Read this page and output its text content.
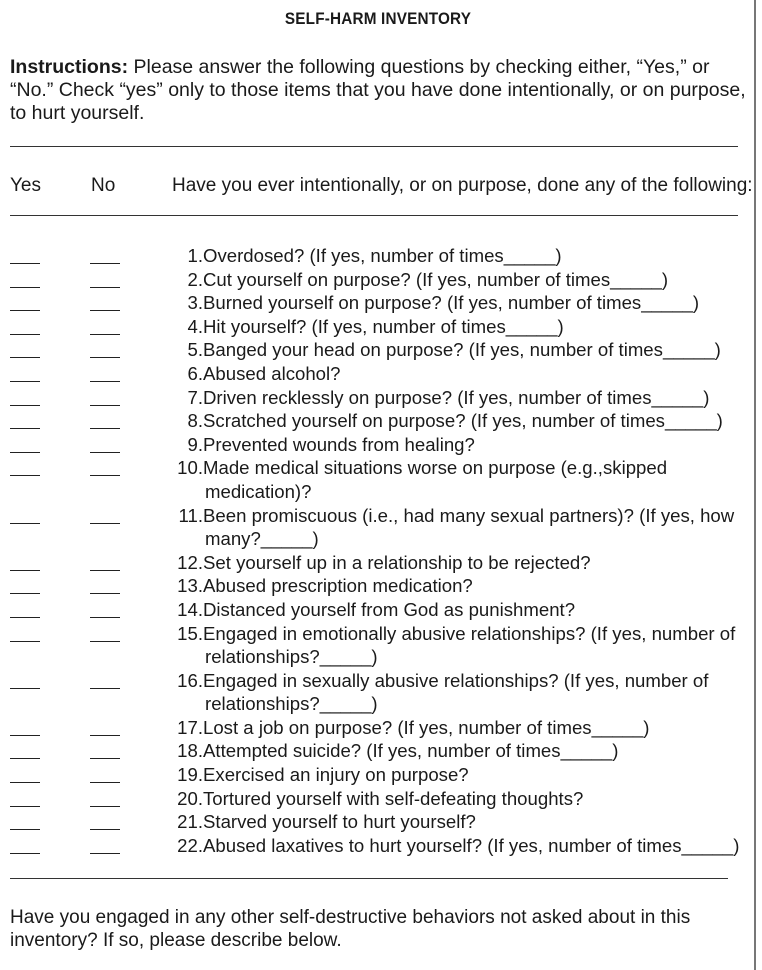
SELF-HARM INVENTORY
Instructions: Please answer the following questions by checking either, “Yes,” or “No.” Check “yes” only to those items that you have done intentionally, or on purpose, to hurt yourself.
Yes	No	Have you ever intentionally, or on purpose, done any of the following:
1. Overdosed? (If yes, number of times_____)
2. Cut yourself on purpose? (If yes, number of times_____)
3. Burned yourself on purpose? (If yes, number of times_____)
4. Hit yourself? (If yes, number of times_____)
5. Banged your head on purpose? (If yes, number of times_____)
6. Abused alcohol?
7. Driven recklessly on purpose? (If yes, number of times_____)
8. Scratched yourself on purpose? (If yes, number of times_____)
9. Prevented wounds from healing?
10. Made medical situations worse on purpose (e.g.,skipped
medication)?
11. Been promiscuous (i.e., had many sexual partners)? (If yes, how
many?_____)
12. Set yourself up in a relationship to be rejected?
13. Abused prescription medication?
14. Distanced yourself from God as punishment?
15. Engaged in emotionally abusive relationships? (If yes, number of
relationships?_____)
16. Engaged in sexually abusive relationships? (If yes, number of
relationships?_____)
17. Lost a job on purpose? (If yes, number of times_____)
18. Attempted suicide? (If yes, number of times_____)
19. Exercised an injury on purpose?
20. Tortured yourself with self-defeating thoughts?
21. Starved yourself to hurt yourself?
22. Abused laxatives to hurt yourself? (If yes, number of times_____)
Have you engaged in any other self-destructive behaviors not asked about in this inventory? If so, please describe below.
